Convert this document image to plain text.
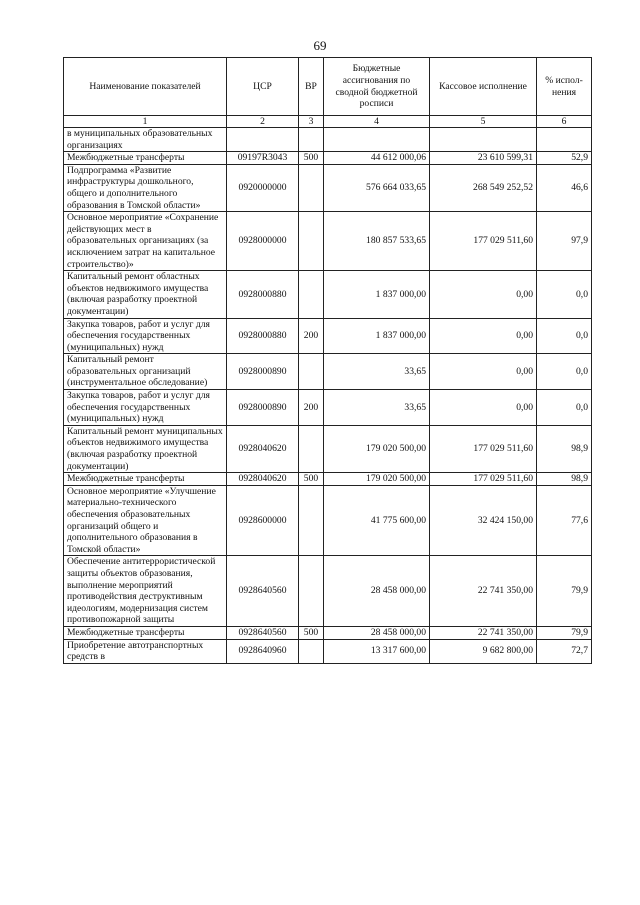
69
Наименование показателей	ЦСР	ВР	Бюджетные ассигнования по сводной бюджетной росписи	Кассовое исполнение	% испол-нения
1	2	3	4	5	6
в муниципальных образовательных организациях					
Межбюджетные трансферты	09197R3043	500	44 612 000,06	23 610 599,31	52,9
Подпрограмма «Развитие инфраструктуры дошкольного, общего и дополнительного образования в Томской области»	0920000000		576 664 033,65	268 549 252,52	46,6
Основное мероприятие «Сохранение действующих мест в образовательных организациях (за исключением затрат на капитальное строительство)»	0928000000		180 857 533,65	177 029 511,60	97,9
Капитальный ремонт областных объектов недвижимого имущества (включая разработку проектной документации)	0928000880		1 837 000,00	0,00	0,0
Закупка товаров, работ и услуг для обеспечения государственных (муниципальных) нужд	0928000880	200	1 837 000,00	0,00	0,0
Капитальный ремонт образовательных организаций (инструментальное обследование)	0928000890		33,65	0,00	0,0
Закупка товаров, работ и услуг для обеспечения государственных (муниципальных) нужд	0928000890	200	33,65	0,00	0,0
Капитальный ремонт муниципальных объектов недвижимого имущества (включая разработку проектной документации)	0928040620		179 020 500,00	177 029 511,60	98,9
Межбюджетные трансферты	0928040620	500	179 020 500,00	177 029 511,60	98,9
Основное мероприятие «Улучшение материально-технического обеспечения образовательных организаций общего и дополнительного образования в Томской области»	0928600000		41 775 600,00	32 424 150,00	77,6
Обеспечение антитеррористической защиты объектов образования, выполнение мероприятий противодействия деструктивным идеологиям, модернизация систем противопожарной защиты	0928640560		28 458 000,00	22 741 350,00	79,9
Межбюджетные трансферты	0928640560	500	28 458 000,00	22 741 350,00	79,9
Приобретение автотранспортных средств в	0928640960		13 317 600,00	9 682 800,00	72,7
